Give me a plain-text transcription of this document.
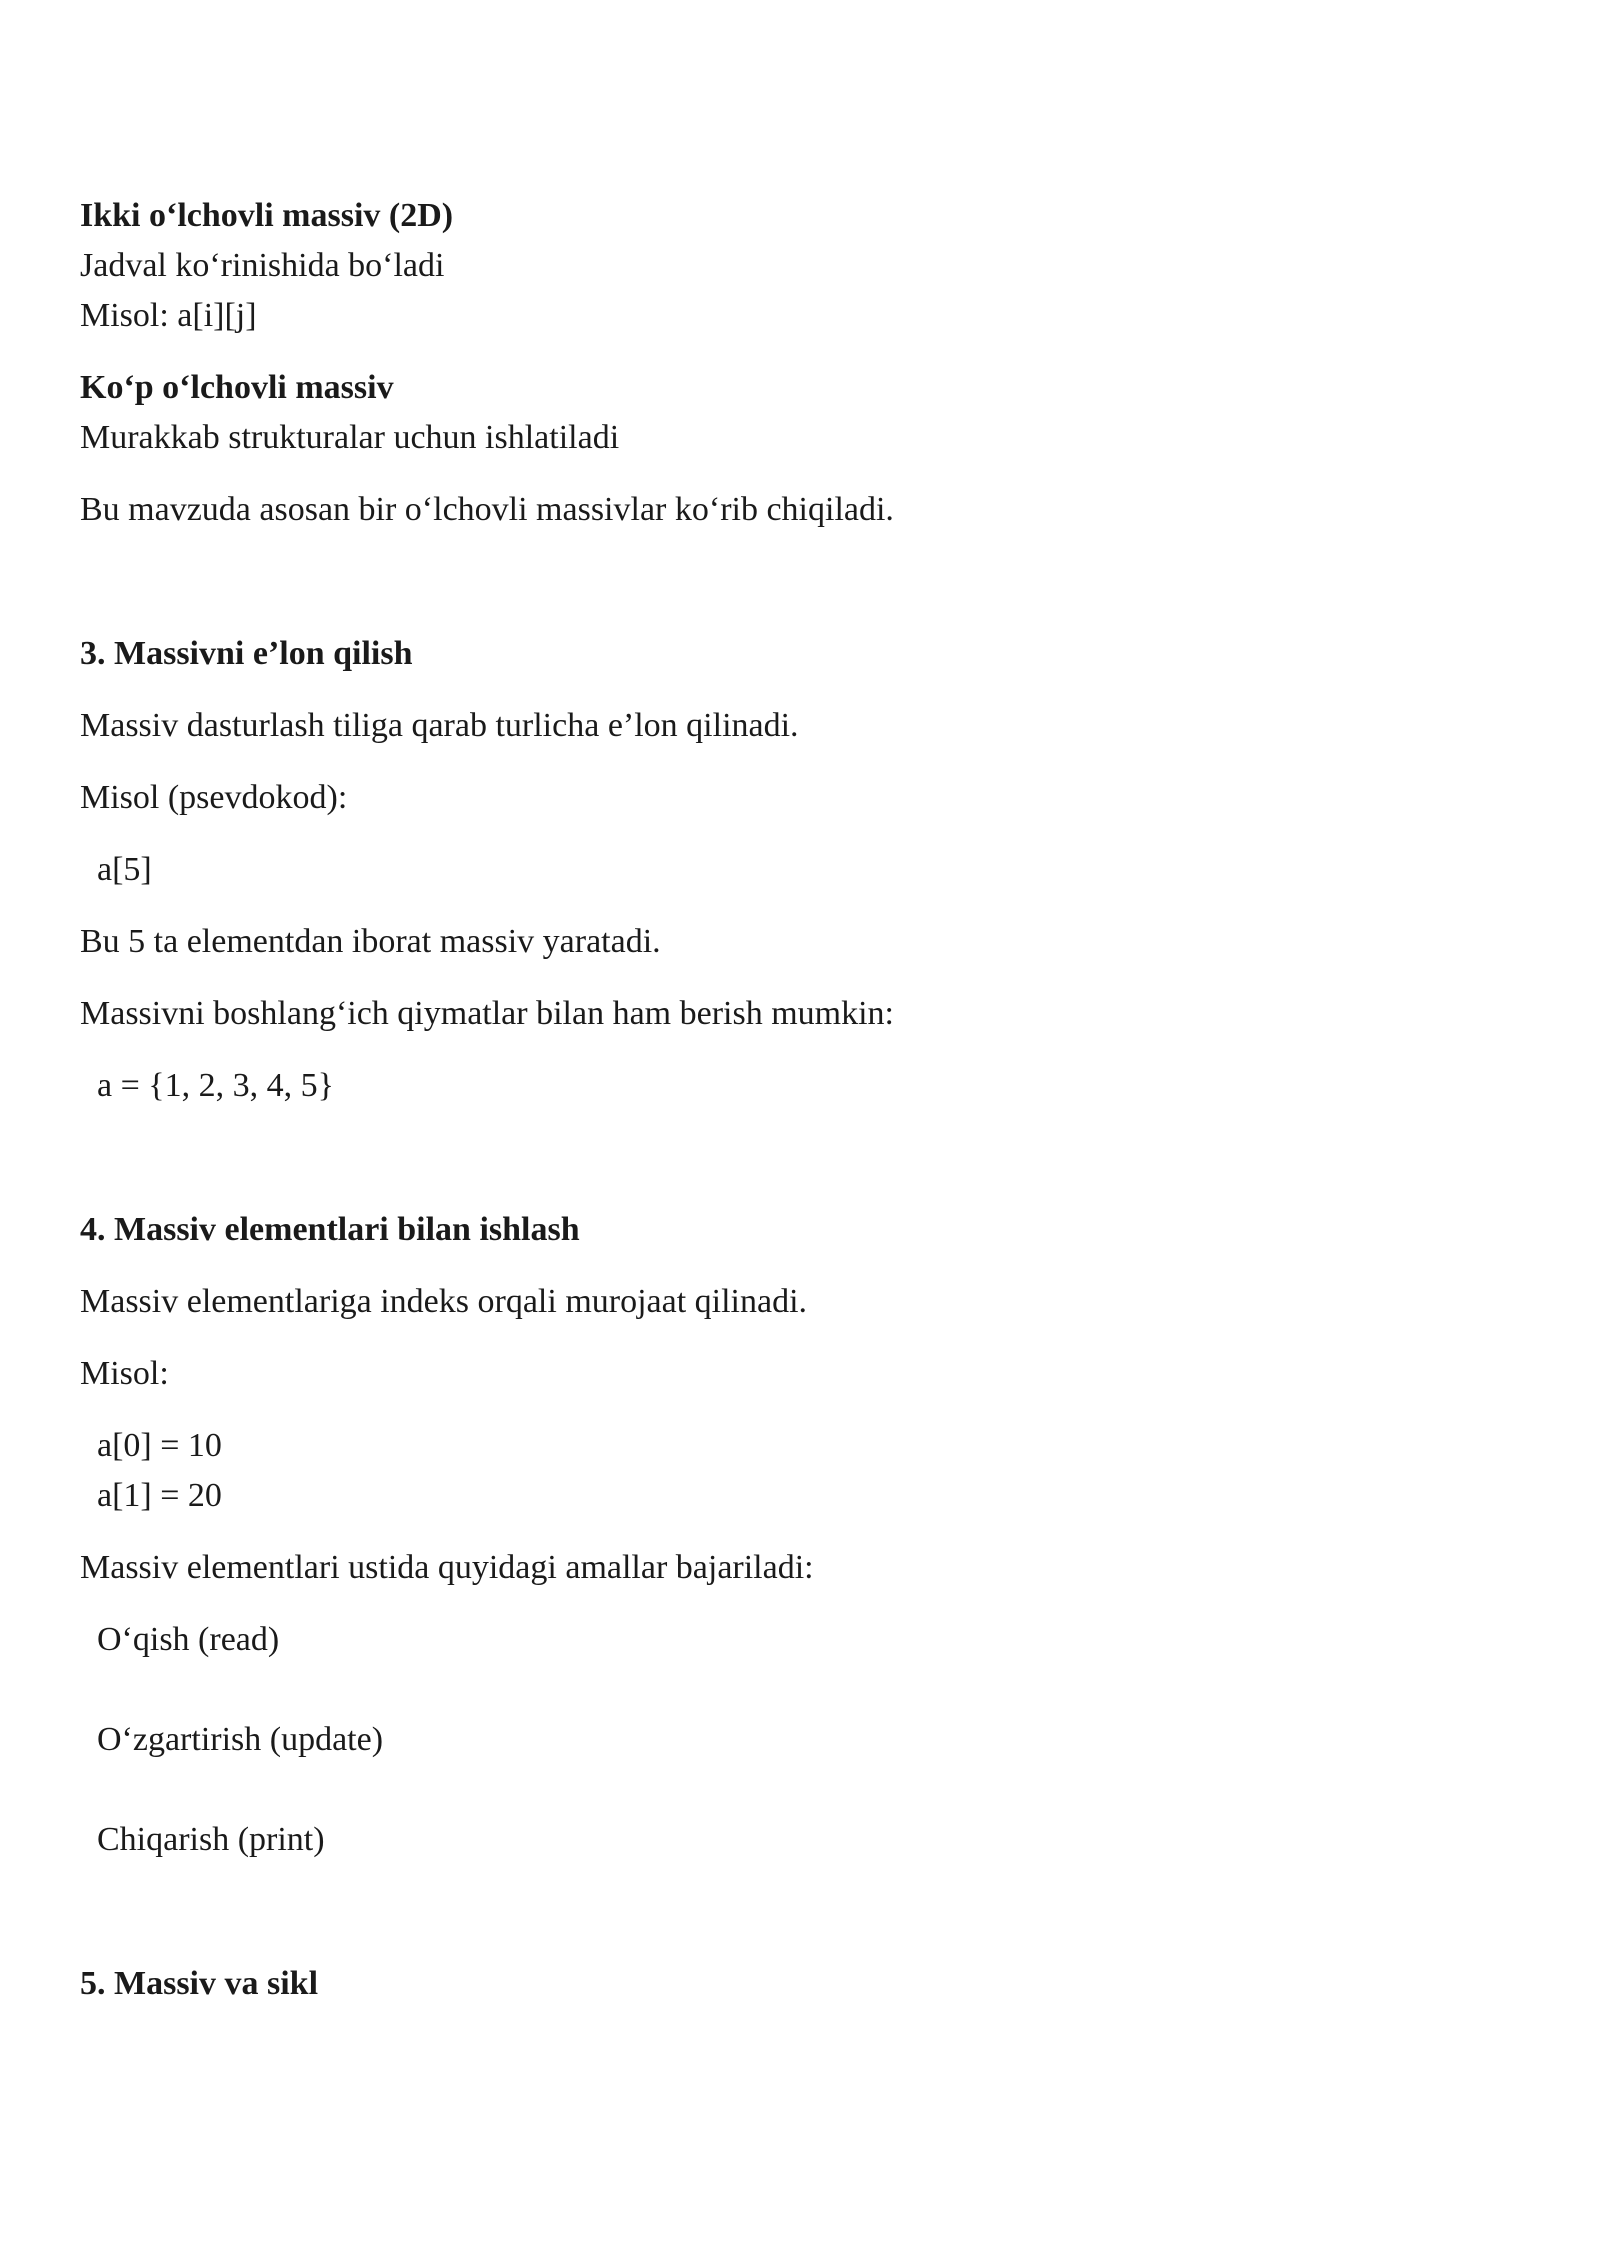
Ikki o‘lchovli massiv (2D)

Jadval ko‘rinishida bo‘ladi

Misol: a[i][j]

Ko‘p o‘lchovli massiv

Murakkab strukturalar uchun ishlatiladi

Bu mavzuda asosan bir o‘lchovli massivlar ko‘rib chiqiladi.

3. Massivni e’lon qilish

Massiv dasturlash tiliga qarab turlicha e’lon qilinadi.

Misol (psevdokod):

a[5]

Bu 5 ta elementdan iborat massiv yaratadi.

Massivni boshlang‘ich qiymatlar bilan ham berish mumkin:

a = {1, 2, 3, 4, 5}

4. Massiv elementlari bilan ishlash

Massiv elementlariga indeks orqali murojaat qilinadi.

Misol:

a[0] = 10

a[1] = 20

Massiv elementlari ustida quyidagi amallar bajariladi:

O‘qish (read)

O‘zgartirish (update)

Chiqarish (print)

5. Massiv va sikl
